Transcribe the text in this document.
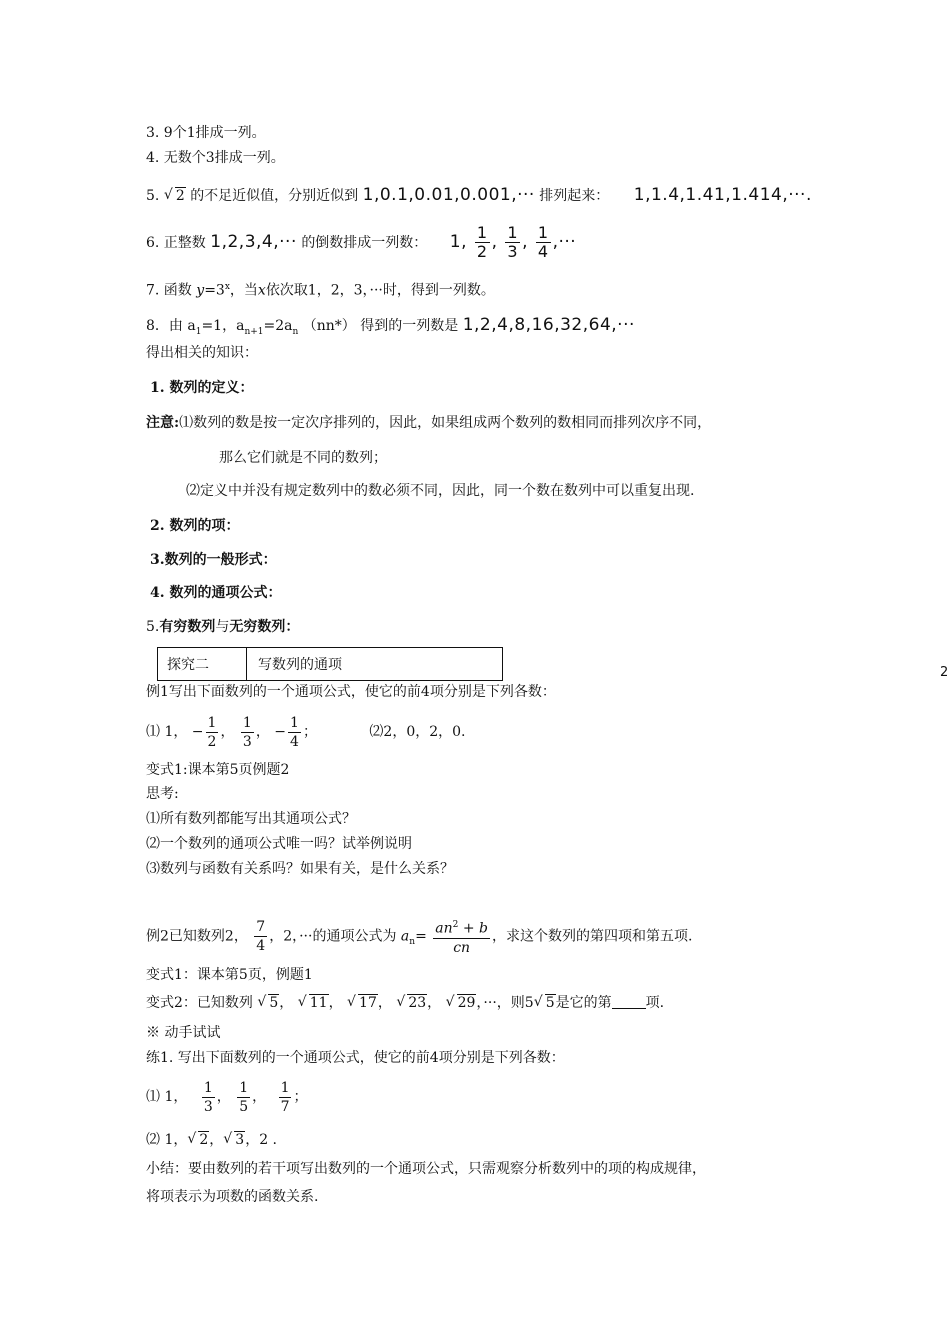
3. 9个1排成一列。
4. 无数个3排成一列。
5. √ 2 的不足近似值，分别近似到 1,0.1,0.01,0.001,··· 排列起来： 1,1.4,1.41,1.414,···.
6. 正整数 1,2,3,4,··· 的倒数排成一列数： 1, $\frac{1}{2}$ , $\frac{1}{3}$ , $\frac{1}{4}$ ,···
7. 函数 $y=3^x$，当x依次取1，2，3，···时，得到一列数。
8．由 $a_1=1$，$a_{n+1}=2a_n$ （nn*） 得到的一列数是 1,2,4,8,16,32,64,···
得出相关的知识：
1. 数列的定义：
注意:⑴数列的数是按一定次序排列的，因此，如果组成两个数列的数相同而排列次序不同，
那么它们就是不同的数列；
⑵定义中并没有规定数列中的数必须不同，因此，同一个数在数列中可以重复出现.
2. 数列的项：
3.数列的一般形式：
4. 数列的通项公式：
5.有穷数列与无穷数列：
探究二	写数列的通项	2
例1写出下面数列的一个通项公式，使它的前4项分别是下列各数：
⑴ 1， − $\frac{1}{2}$ ， $\frac{1}{3}$ ， − $\frac{1}{4}$ ；	⑵2，0，2，0.
变式1:课本第5页例题2
思考:
⑴所有数列都能写出其通项公式？
⑵一个数列的通项公式唯一吗？试举例说明
⑶数列与函数有关系吗？如果有关，是什么关系？
例2已知数列2， $\frac{7}{4}$ ，2，···的通项公式为 $a_n= \frac{an^2 + b}{cn}$ ，求这个数列的第四项和第五项.
变式1：课本第5页，例题1
变式2：已知数列 √ 5， √ 11， √ 17， √ 23， √ 29，···，则5 √ 5是它的第 项.
※ 动手试试
练1. 写出下面数列的一个通项公式，使它的前4项分别是下列各数：
⑴ 1， $\frac{1}{3}$ ， $\frac{1}{5}$ ， $\frac{1}{7}$ ；
⑵ 1， √ 2， √ 3，2 .
小结：要由数列的若干项写出数列的一个通项公式，只需观察分析数列中的项的构成规律，
将项表示为项数的函数关系.
